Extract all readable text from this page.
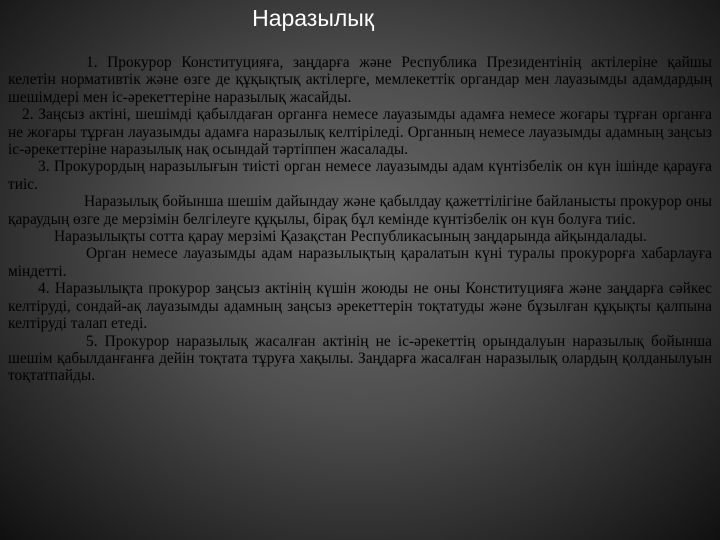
Наразылық

1. Прокурор Конституцияға, заңдарға және Республика Президентінің актілеріне қайшы келетін нормативтік және өзге де құқықтық актілерге, мемлекеттік органдар мен лауазымды адамдардың шешімдері мен іс-әрекеттеріне наразылық жасайды.

2. Заңсыз актіні, шешімді қабылдаған органға немесе лауазымды адамға немесе жоғары тұрған органға не жоғары тұрған лауазымды адамға наразылық келтіріледі. Органның немесе лауазымды адамның заңсыз іс-әрекеттеріне наразылық нақ осындай тәртіппен жасалады.

3. Прокурордың наразылығын тиісті орган немесе лауазымды адам күнтізбелік он күн ішінде қарауға тиіс.

Наразылық бойынша шешім дайындау және қабылдау қажеттілігіне байланысты прокурор оны қараудың өзге де мерзімін белгілеуге құқылы, бірақ бұл кемінде күнтізбелік он күн болуға тиіс.

Наразылықты сотта қарау мерзімі Қазақстан Республикасының заңдарында айқындалады.

Орган немесе лауазымды адам наразылықтың қаралатын күні туралы прокурорға хабарлауға міндетті.

4. Наразылықта прокурор заңсыз актінің күшін жоюды не оны Конституцияға және заңдарға сәйкес келтіруді, сондай-ақ лауазымды адамның заңсыз әрекеттерін тоқтатуды және бұзылған құқықты қалпына келтіруді талап етеді.

5. Прокурор наразылық жасалған актінің не іс-әрекеттің орындалуын наразылық бойынша шешім қабылданғанға дейін тоқтата тұруға хақылы. Заңдарға жасалған наразылық олардың қолданылуын тоқтатпайды.
